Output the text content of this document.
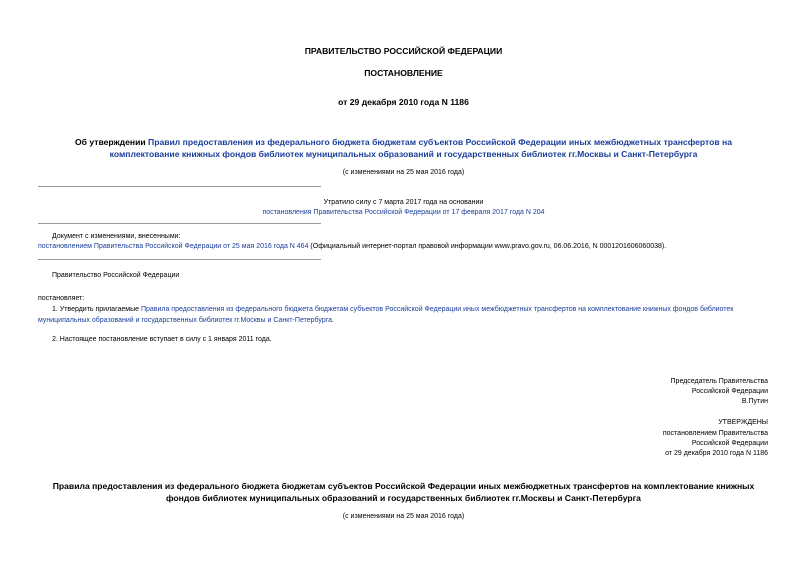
ПРАВИТЕЛЬСТВО РОССИЙСКОЙ ФЕДЕРАЦИИ
ПОСТАНОВЛЕНИЕ
от 29 декабря 2010 года N 1186
Об утверждении Правил предоставления из федерального бюджета бюджетам субъектов Российской Федерации иных межбюджетных трансфертов на
комплектование книжных фондов библиотек муниципальных образований и государственных библиотек гг.Москвы и Санкт-Петербурга
(с изменениями на 25 мая 2016 года)
Утратило силу с 7 марта 2017 года на основании
постановления Правительства Российской Федерации от 17 февраля 2017 года N 204
Документ с изменениями, внесенными:
постановлением Правительства Российской Федерации от 25 мая 2016 года N 464 (Официальный интернет-портал правовой информации www.pravo.gov.ru, 06.06.2016, N 0001201606060038).
Правительство Российской Федерации
постановляет:
1. Утвердить прилагаемые Правила предоставления из федерального бюджета бюджетам субъектов Российской Федерации иных межбюджетных трансфертов на комплектование книжных фондов библиотек
муниципальных образований и государственных библиотек гг.Москвы и Санкт-Петербурга.
2. Настоящее постановление вступает в силу с 1 января 2011 года.
Председатель Правительства
Российской Федерации
В.Путин
УТВЕРЖДЕНЫ
постановлением Правительства
Российской Федерации
от 29 декабря 2010 года N 1186
Правила предоставления из федерального бюджета бюджетам субъектов Российской Федерации иных межбюджетных трансфертов на комплектование книжных
фондов библиотек муниципальных образований и государственных библиотек гг.Москвы и Санкт-Петербурга
(с изменениями на 25 мая 2016 года)
